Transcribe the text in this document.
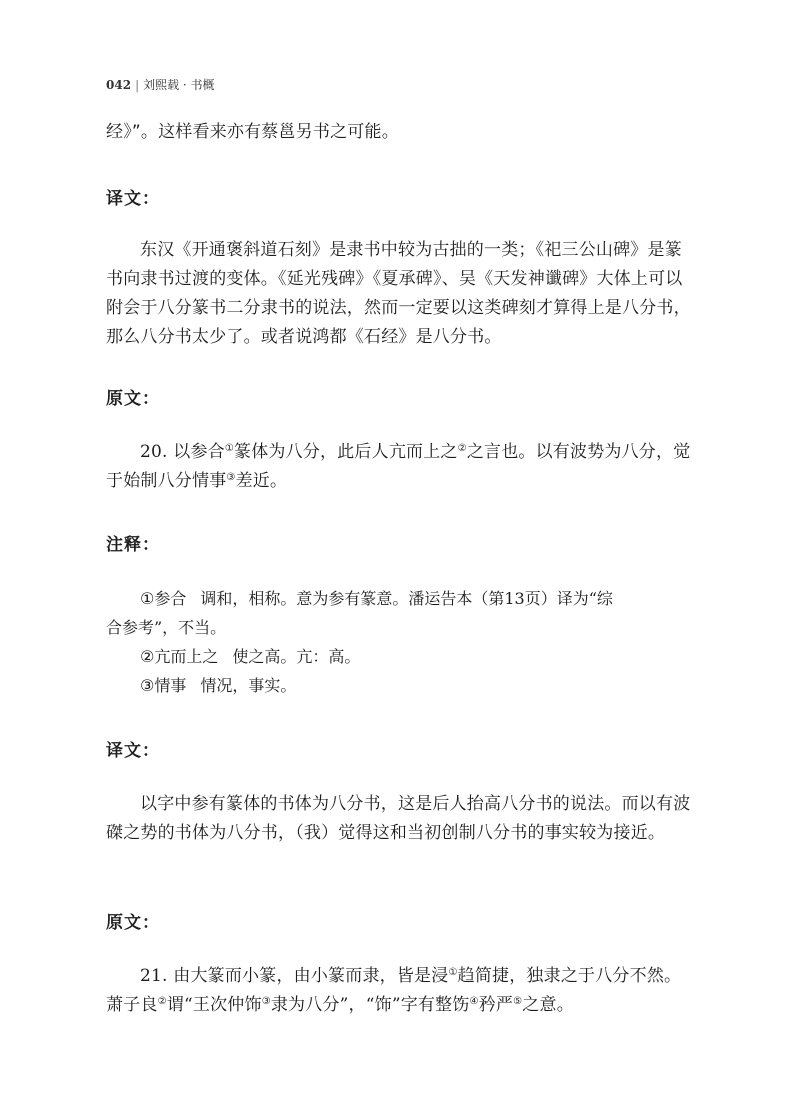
042 | 刘熙载 · 书概
经》”。这样看来亦有蔡邕另书之可能。
译文：
东汉《开通褒斜道石刻》是隶书中较为古拙的一类；《祀三公山碑》是篆书向隶书过渡的变体。《延光残碑》《夏承碑》、吴《天发神谶碑》大体上可以附会于八分篆书二分隶书的说法，然而一定要以这类碑刻才算得上是八分书，那么八分书太少了。或者说鸿都《石经》是八分书。
原文：
20. 以参合①篆体为八分，此后人亢而上之②之言也。以有波势为八分，觉于始制八分情事③差近。
注释：
①参合 调和，相称。意为参有篆意。潘运告本（第13页）译为“综
合参考”，不当。
②亢而上之 使之高。亢：高。
③情事 情况，事实。
译文：
以字中参有篆体的书体为八分书，这是后人抬高八分书的说法。而以有波磔之势的书体为八分书，（我）觉得这和当初创制八分书的事实较为接近。
原文：
21. 由大篆而小篆，由小篆而隶，皆是浸①趋简捷，独隶之于八分不然。萧子良②谓“王次仲饰③隶为八分”，“饰”字有整饬④矜严⑤之意。
